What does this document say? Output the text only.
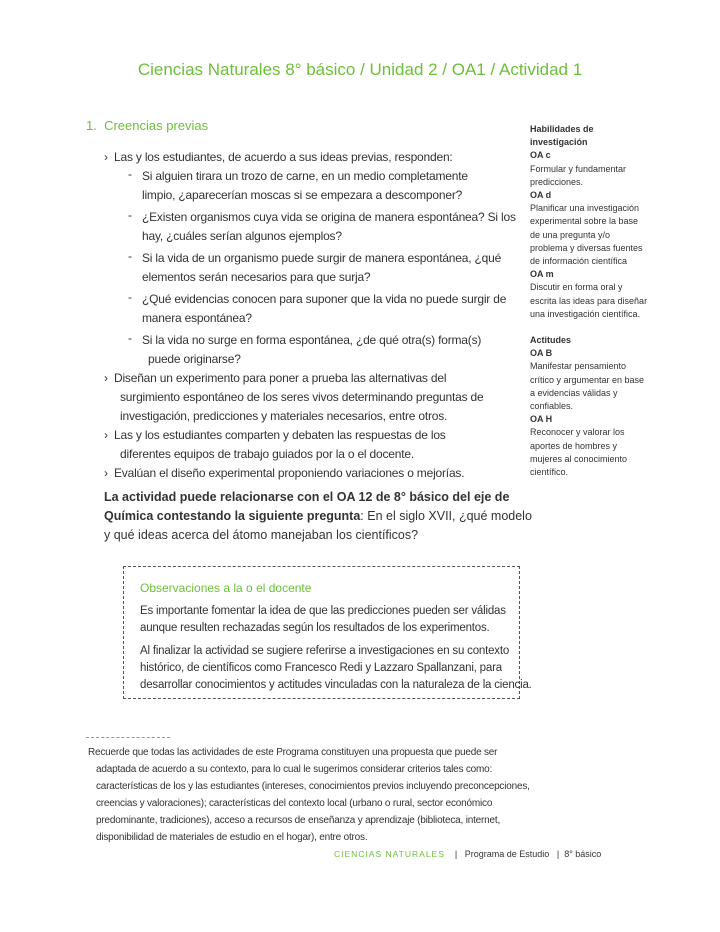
Ciencias Naturales 8° básico / Unidad 2 / OA1 / Actividad 1
1. Creencias previas
› Las y los estudiantes, de acuerdo a sus ideas previas, responden:
- Si alguien tirara un trozo de carne, en un medio completamente
limpio, ¿aparecerían moscas si se empezara a descomponer?
- ¿Existen organismos cuya vida se origina de manera espontánea? Si los
hay, ¿cuáles serían algunos ejemplos?
- Si la vida de un organismo puede surgir de manera espontánea, ¿qué
elementos serán necesarios para que surja?
- ¿Qué evidencias conocen para suponer que la vida no puede surgir de
manera espontánea?
- Si la vida no surge en forma espontánea, ¿de qué otra(s) forma(s)
puede originarse?
› Diseñan un experimento para poner a prueba las alternativas del
surgimiento espontáneo de los seres vivos determinando preguntas de
investigación, predicciones y materiales necesarios, entre otros.
› Las y los estudiantes comparten y debaten las respuestas de los
diferentes equipos de trabajo guiados por la o el docente.
› Evalúan el diseño experimental proponiendo variaciones o mejorías.
La actividad puede relacionarse con el OA 12 de 8° básico del eje de
Química contestando la siguiente pregunta: En el siglo XVII, ¿qué modelo
y qué ideas acerca del átomo manejaban los científicos?
Observaciones a la o el docente
Es importante fomentar la idea de que las predicciones pueden ser válidas
aunque resulten rechazadas según los resultados de los experimentos.
Al finalizar la actividad se sugiere referirse a investigaciones en su contexto
histórico, de científicos como Francesco Redi y Lazzaro Spallanzani, para
desarrollar conocimientos y actitudes vinculadas con la naturaleza de la ciencia.
Habilidades de investigación
OA c
Formular y fundamentar predicciones.
OA d
Planificar una investigación experimental sobre la base de una pregunta y/o problema y diversas fuentes de información científica
OA m
Discutir en forma oral y escrita las ideas para diseñar una investigación científica.
Actitudes
OA B
Manifestar pensamiento crítico y argumentar en base a evidencias válidas y confiables.
OA H
Reconocer y valorar los aportes de hombres y mujeres al conocimiento científico.
Recuerde que todas las actividades de este Programa constituyen una propuesta que puede ser
adaptada de acuerdo a su contexto, para lo cual le sugerimos considerar criterios tales como:
características de los y las estudiantes (intereses, conocimientos previos incluyendo preconcepciones,
creencias y valoraciones); características del contexto local (urbano o rural, sector económico
predominante, tradiciones), acceso a recursos de enseñanza y aprendizaje (biblioteca, internet,
disponibilidad de materiales de estudio en el hogar), entre otros.
CIENCIAS NATURALES | Programa de Estudio | 8° básico
